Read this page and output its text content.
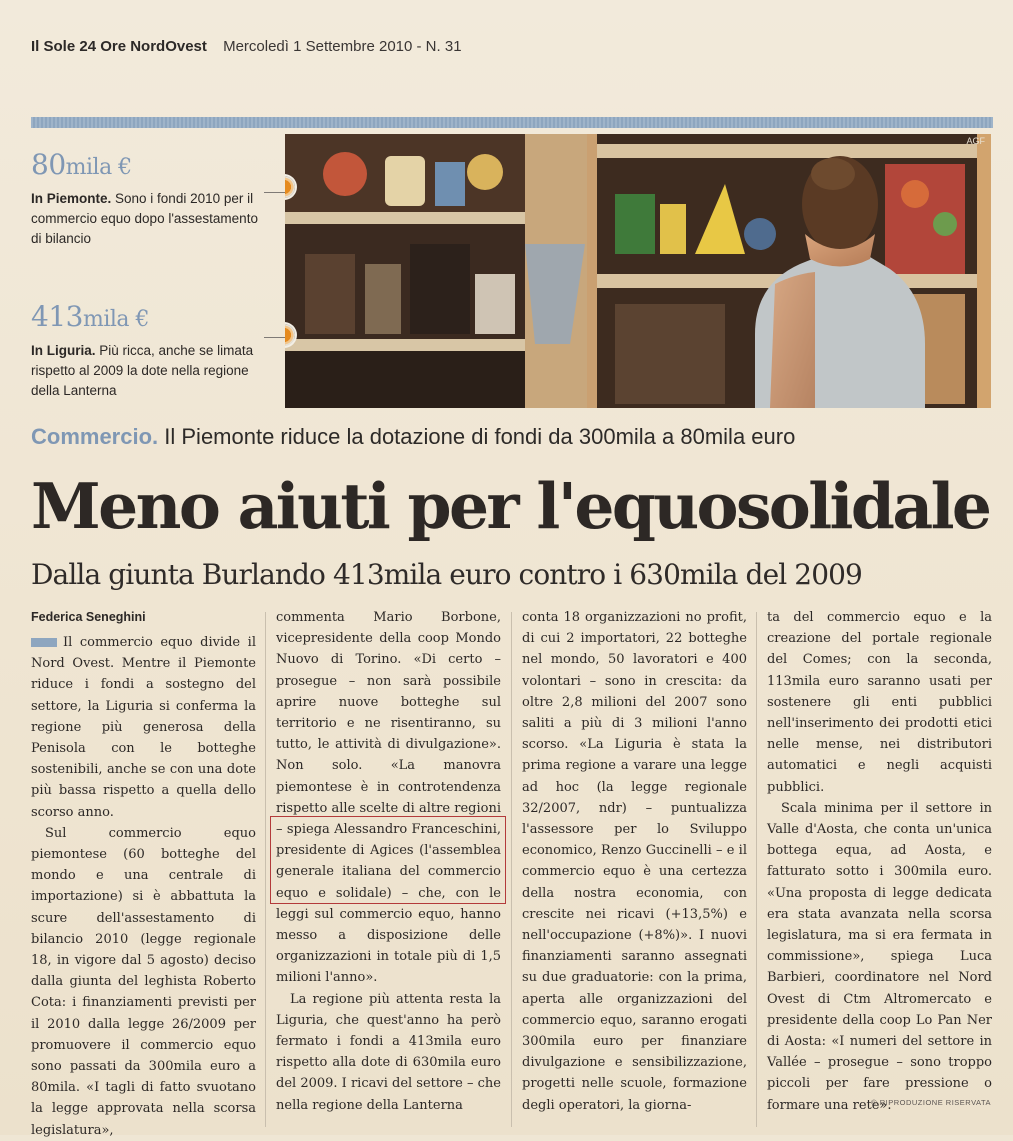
Il Sole 24 Ore NordOvest Mercoledì 1 Settembre 2010 - N. 31
80mila €
In Piemonte. Sono i fondi 2010 per il commercio equo dopo l'assestamento di bilancio
413mila €
In Liguria. Più ricca, anche se limata rispetto al 2009 la dote nella regione della Lanterna
AGF
Commercio. Il Piemonte riduce la dotazione di fondi da 300mila a 80mila euro
Meno aiuti per l'equosolidale
Dalla giunta Burlando 413mila euro contro i 630mila del 2009
Federica Seneghini

Il commercio equo divide il Nord Ovest. Mentre il Piemonte riduce i fondi a sostegno del settore, la Liguria si conferma la regione più generosa della Penisola con le botteghe sostenibili, anche se con una dote più bassa rispetto a quella dello scorso anno.

Sul commercio equo piemontese (60 botteghe del mondo e una centrale di importazione) si è abbattuta la scure dell'assestamento di bilancio 2010 (legge regionale 18, in vigore dal 5 agosto) deciso dalla giunta del leghista Roberto Cota: i finanziamenti previsti per il 2010 dalla legge 26/2009 per promuovere il commercio equo sono passati da 300mila euro a 80mila. «I tagli di fatto svuotano la legge approvata nella scorsa legislatura»,

commenta Mario Borbone, vicepresidente della coop Mondo Nuovo di Torino. «Di certo – prosegue – non sarà possibile aprire nuove botteghe sul territorio e ne risentiranno, su tutto, le attività di divulgazione». Non solo. «La manovra piemontese è in controtendenza rispetto alle scelte di altre regioni – spiega Alessandro Franceschini, presidente di Agices (l'assemblea generale italiana del commercio equo e solidale) – che, con le leggi sul commercio equo, hanno messo a disposizione delle organizzazioni in totale più di 1,5 milioni l'anno».

La regione più attenta resta la Liguria, che quest'anno ha però fermato i fondi a 413mila euro rispetto alla dote di 630mila euro del 2009. I ricavi del settore – che nella regione della Lanterna

conta 18 organizzazioni no profit, di cui 2 importatori, 22 botteghe nel mondo, 50 lavoratori e 400 volontari – sono in crescita: da oltre 2,8 milioni del 2007 sono saliti a più di 3 milioni l'anno scorso. «La Liguria è stata la prima regione a varare una legge ad hoc (la legge regionale 32/2007, ndr) – puntualizza l'assessore per lo Sviluppo economico, Renzo Guccinelli – e il commercio equo è una certezza della nostra economia, con crescite nei ricavi (+13,5%) e nell'occupazione (+8%)». I nuovi finanziamenti saranno assegnati su due graduatorie: con la prima, aperta alle organizzazioni del commercio equo, saranno erogati 300mila euro per finanziare divulgazione e sensibilizzazione, progetti nelle scuole, formazione degli operatori, la giorna-

ta del commercio equo e la creazione del portale regionale del Comes; con la seconda, 113mila euro saranno usati per sostenere gli enti pubblici nell'inserimento dei prodotti etici nelle mense, nei distributori automatici e negli acquisti pubblici.

Scala minima per il settore in Valle d'Aosta, che conta un'unica bottega equa, ad Aosta, e fatturato sotto i 300mila euro. «Una proposta di legge dedicata era stata avanzata nella scorsa legislatura, ma si era fermata in commissione», spiega Luca Barbieri, coordinatore nel Nord Ovest di Ctm Altromercato e presidente della coop Lo Pan Ner di Aosta: «I numeri del settore in Vallée – prosegue – sono troppo piccoli per fare pressione o formare una rete».

© RIPRODUZIONE RISERVATA
